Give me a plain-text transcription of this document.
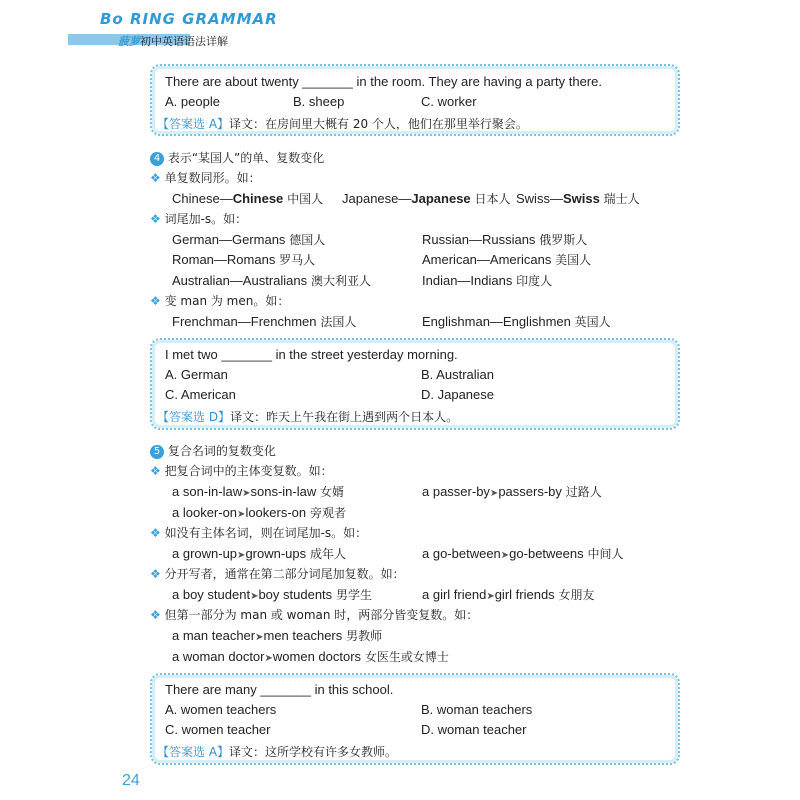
Bo RING GRAMMAR
菠萝初中英语语法详解
There are about twenty _______ in the room. They are having a party there.
A. people	B. sheep	C. worker
【答案选 A】译文：在房间里大概有 20 个人，他们在那里举行聚会。
4 表示“某国人”的单、复数变化
❖ 单复数同形。如：
Chinese—Chinese 中国人 Japanese—Japanese 日本人 Swiss—Swiss 瑞士人
❖ 词尾加-s。如：
German—Germans 德国人	Russian—Russians 俄罗斯人
Roman—Romans 罗马人	American—Americans 美国人
Australian—Australians 澳大利亚人	Indian—Indians 印度人
❖ 变 man 为 men。如：
Frenchman—Frenchmen 法国人	Englishman—Englishmen 英国人
I met two _______ in the street yesterday morning.
A. German	B. Australian
C. American	D. Japanese
【答案选 D】译文：昨天上午我在街上遇到两个日本人。
5 复合名词的复数变化
❖ 把复合词中的主体变复数。如：
a son-in-law➤sons-in-law 女婿	a passer-by➤passers-by 过路人
a looker-on➤lookers-on 旁观者
❖ 如没有主体名词，则在词尾加-s。如：
a grown-up➤grown-ups 成年人	a go-between➤go-betweens 中间人
❖ 分开写者，通常在第二部分词尾加复数。如：
a boy student➤boy students 男学生	a girl friend➤girl friends 女朋友
❖ 但第一部分为 man 或 woman 时，两部分皆变复数。如：
a man teacher➤men teachers 男教师
a woman doctor➤women doctors 女医生或女博士
There are many _______ in this school.
A. women teachers	B. woman teachers
C. women teacher	D. woman teacher
【答案选 A】译文：这所学校有许多女教师。
24
